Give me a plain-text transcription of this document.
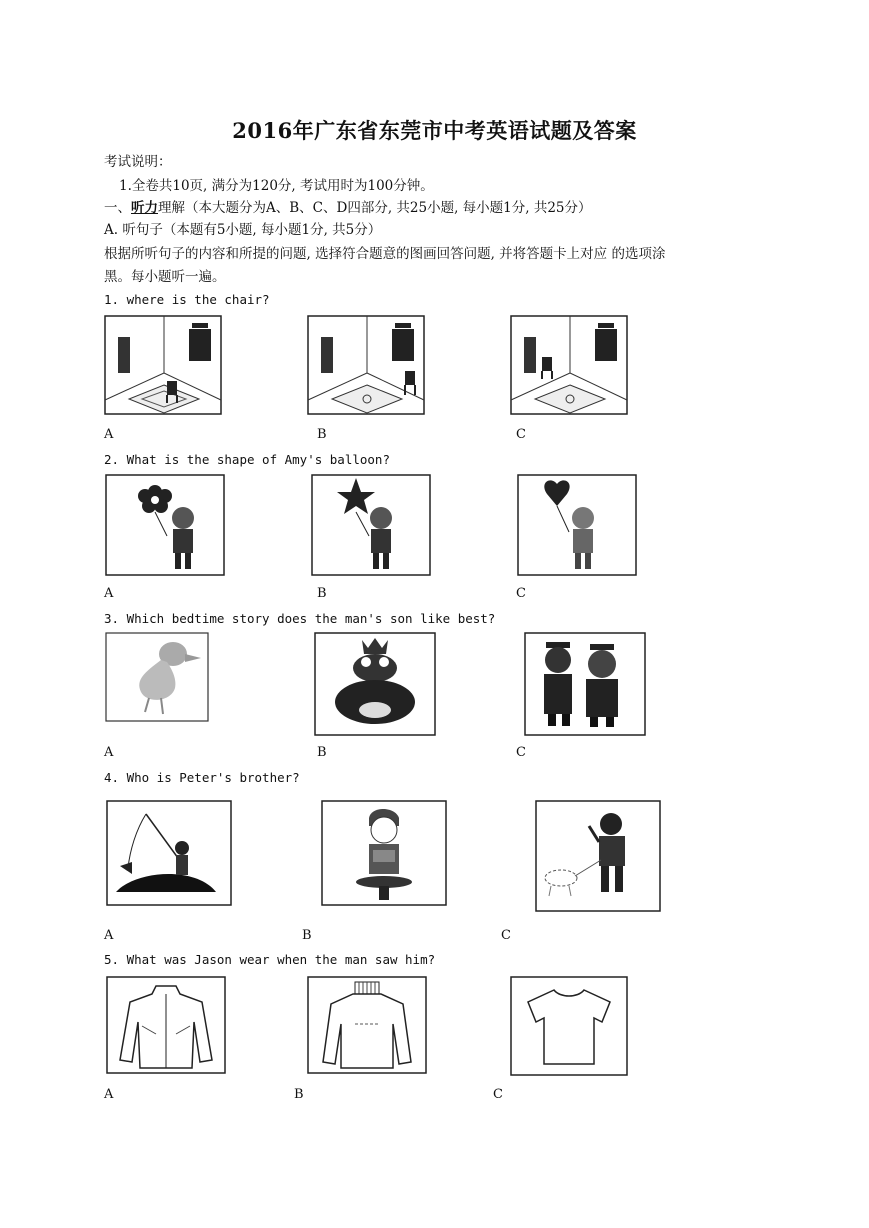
2016年广东省东莞市中考英语试题及答案
考试说明：
1.全卷共10页, 满分为120分, 考试用时为100分钟。
一、听力理解（本大题分为A、B、C、D四部分, 共25小题, 每小题1分, 共25分）
A. 听句子（本题有5小题, 每小题1分, 共5分）
根据所听句子的内容和所提的问题, 选择符合题意的图画回答问题, 并将答题卡上对应 的选项涂
黑。每小题听一遍。
1. where is the chair?
A	B	C
2. What is the shape of Amy's balloon?
A	B	C
3. Which bedtime story does the man's son like best?
A	B	C
4. Who is Peter's brother?
A	B	C
5. What was Jason wear when the man saw him?
A	B	C
